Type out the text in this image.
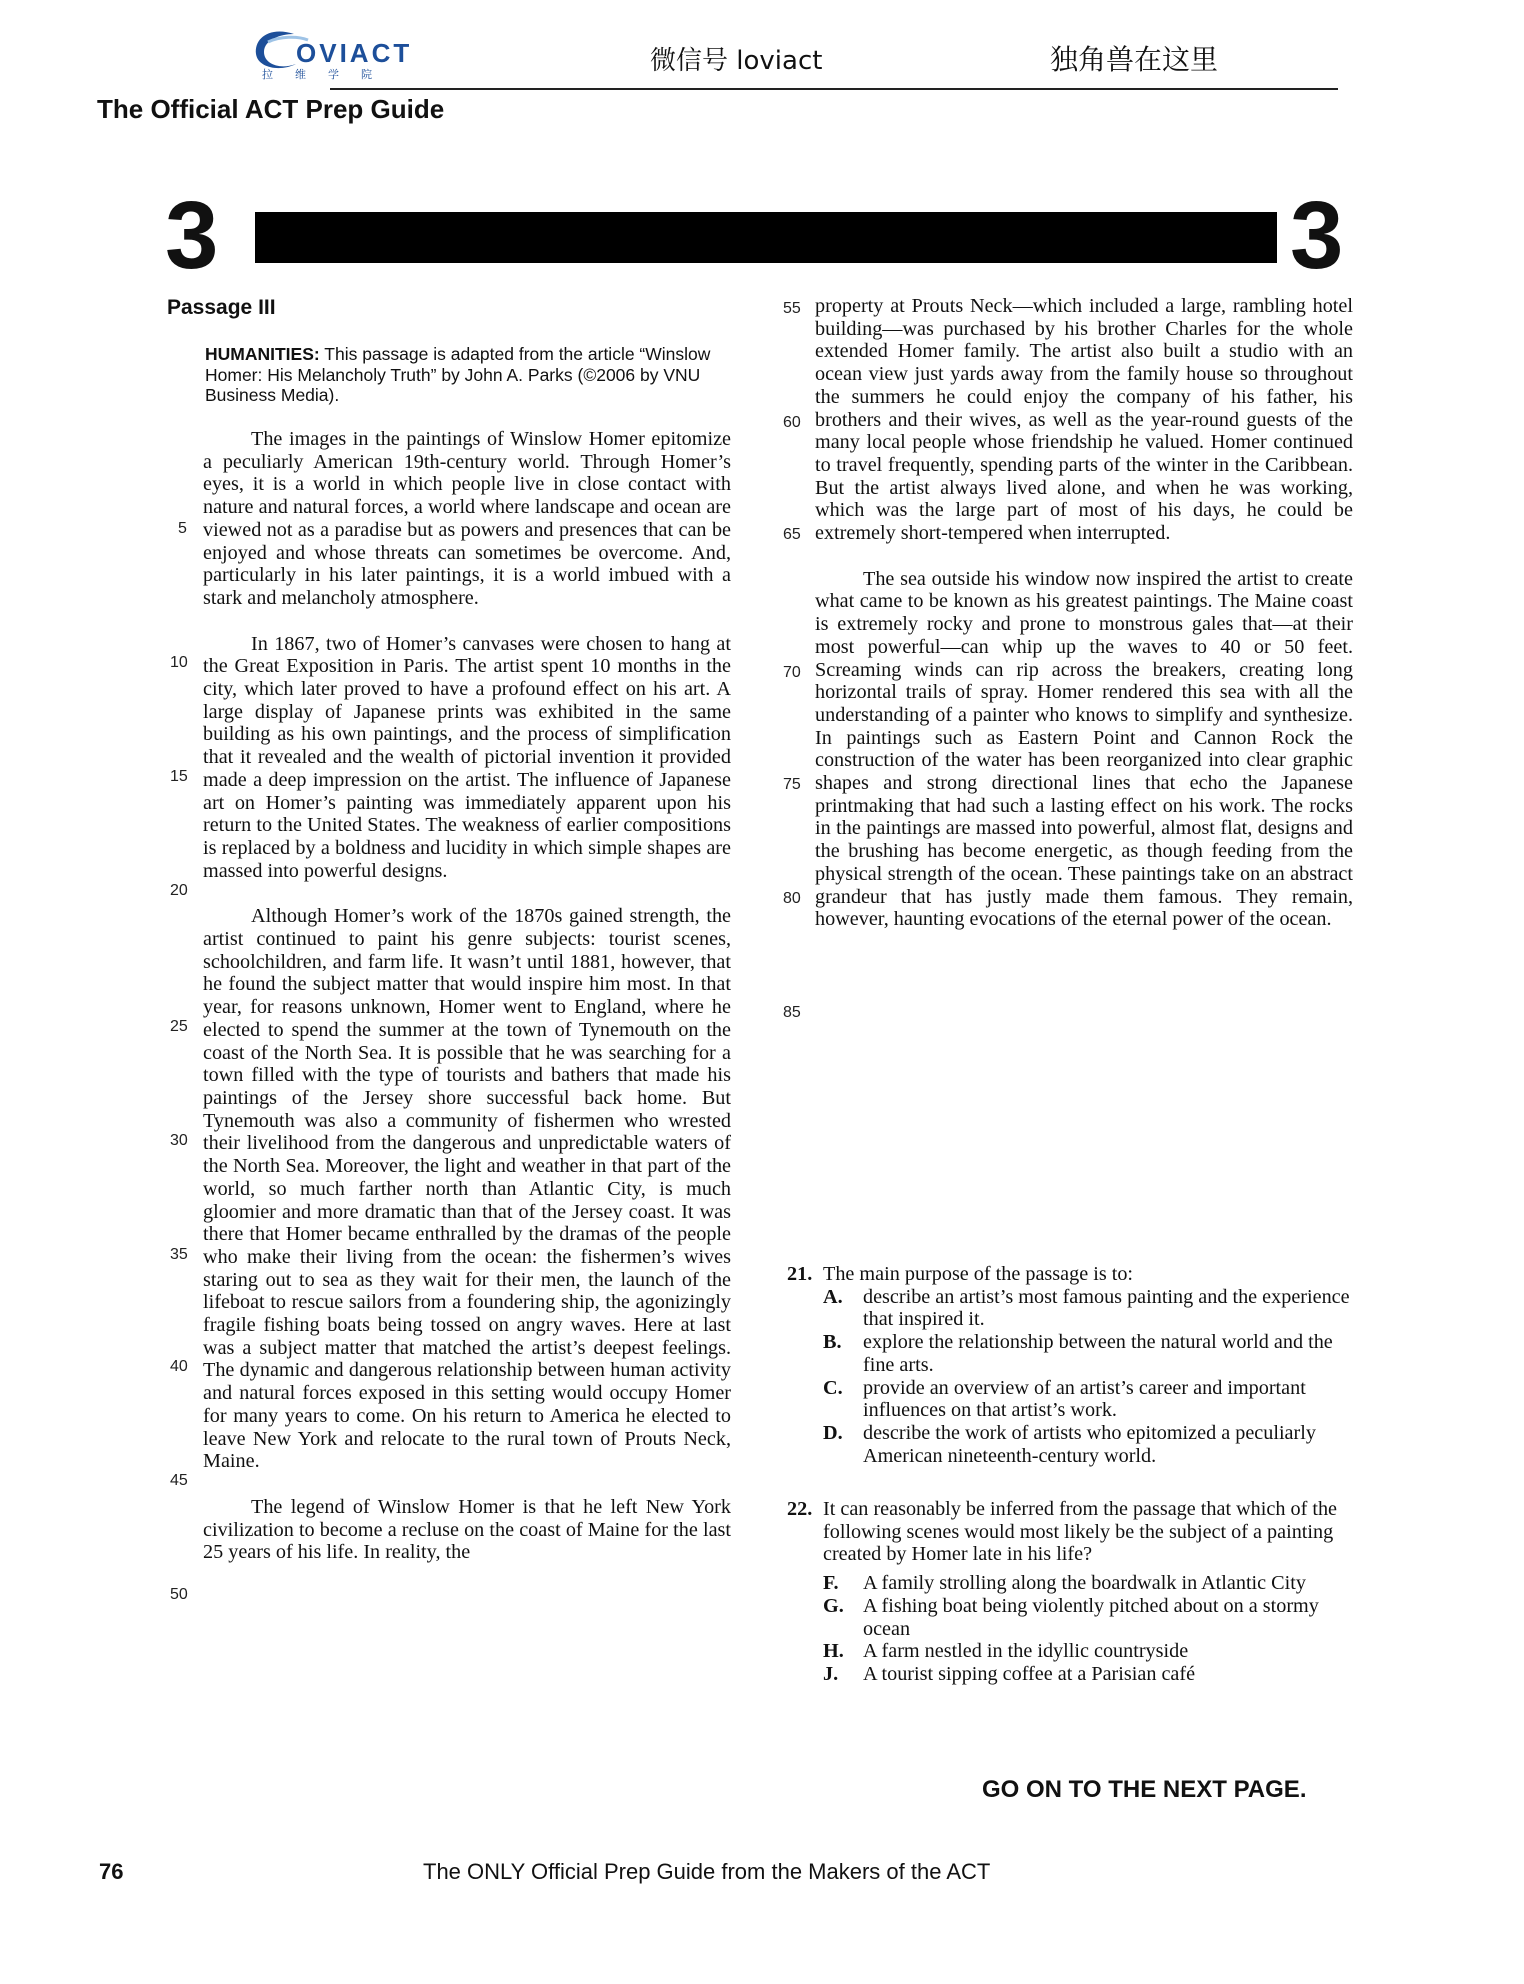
OVIACT
拉维学院	微信号 loviact	独角兽在这里
The Official ACT Prep Guide
3	3
Passage III
HUMANITIES: This passage is adapted from the article “Winslow Homer: His Melancholy Truth” by John A. Parks (©2006 by VNU Business Media).

The images in the paintings of Winslow Homer epitomize a peculiarly American 19th-century world. Through Homer’s eyes, it is a world in which people live in close contact with nature and natural forces, a world where landscape and ocean are viewed not as a paradise but as powers and presences that can be enjoyed and whose threats can sometimes be overcome. And, particularly in his later paintings, it is a world imbued with a stark and melancholy atmosphere.

In 1867, two of Homer’s canvases were chosen to hang at the Great Exposition in Paris. The artist spent 10 months in the city, which later proved to have a profound effect on his art. A large display of Japanese prints was exhibited in the same building as his own paintings, and the process of simplification that it revealed and the wealth of pictorial invention it provided made a deep impression on the artist. The influence of Japanese art on Homer’s painting was immediately apparent upon his return to the United States. The weakness of earlier compositions is replaced by a boldness and lucidity in which simple shapes are massed into powerful designs.

Although Homer’s work of the 1870s gained strength, the artist continued to paint his genre subjects: tourist scenes, schoolchildren, and farm life. It wasn’t until 1881, however, that he found the subject matter that would inspire him most. In that year, for reasons unknown, Homer went to England, where he elected to spend the summer at the town of Tynemouth on the coast of the North Sea. It is possible that he was searching for a town filled with the type of tourists and bathers that made his paintings of the Jersey shore successful back home. But Tynemouth was also a community of fishermen who wrested their livelihood from the dangerous and unpredictable waters of the North Sea. Moreover, the light and weather in that part of the world, so much farther north than Atlantic City, is much gloomier and more dramatic than that of the Jersey coast. It was there that Homer became enthralled by the dramas of the people who make their living from the ocean: the fishermen’s wives staring out to sea as they wait for their men, the launch of the lifeboat to rescue sailors from a foundering ship, the agonizingly fragile fishing boats being tossed on angry waves. Here at last was a subject matter that matched the artist’s deepest feelings. The dynamic and dangerous relationship between human activity and natural forces exposed in this setting would occupy Homer for many years to come. On his return to America he elected to leave New York and relocate to the rural town of Prouts Neck, Maine.

The legend of Winslow Homer is that he left New York civilization to become a recluse on the coast of Maine for the last 25 years of his life. In reality, the

property at Prouts Neck—which included a large, rambling hotel building—was purchased by his brother Charles for the whole extended Homer family. The artist also built a studio with an ocean view just yards away from the family house so throughout the summers he could enjoy the company of his father, his brothers and their wives, as well as the year-round guests of the many local people whose friendship he valued. Homer continued to travel frequently, spending parts of the winter in the Caribbean. But the artist always lived alone, and when he was working, which was the large part of most of his days, he could be extremely short-tempered when interrupted.

The sea outside his window now inspired the artist to create what came to be known as his greatest paintings. The Maine coast is extremely rocky and prone to monstrous gales that—at their most powerful—can whip up the waves to 40 or 50 feet. Screaming winds can rip across the breakers, creating long horizontal trails of spray. Homer rendered this sea with all the understanding of a painter who knows to simplify and synthesize. In paintings such as Eastern Point and Cannon Rock the construction of the water has been reorganized into clear graphic shapes and strong directional lines that echo the Japanese printmaking that had such a lasting effect on his work. The rocks in the paintings are massed into powerful, almost flat, designs and the brushing has become energetic, as though feeding from the physical strength of the ocean. These paintings take on an abstract grandeur that has justly made them famous. They remain, however, haunting evocations of the eternal power of the ocean.

5
10
15
20
25
30
35
40
45
50
55
60
65
70
75
80
85
21. The main purpose of the passage is to:
A.	describe an artist’s most famous painting and the experience that inspired it.
B.	explore the relationship between the natural world and the fine arts.
C.	provide an overview of an artist’s career and important influences on that artist’s work.
D.	describe the work of artists who epitomized a peculiarly American nineteenth-century world.
22. It can reasonably be inferred from the passage that which of the following scenes would most likely be the subject of a painting created by Homer late in his life?
F.	A family strolling along the boardwalk in Atlantic City
G. A fishing boat being violently pitched about on a stormy ocean
H. A farm nestled in the idyllic countryside
J.	A tourist sipping coffee at a Parisian café
GO ON TO THE NEXT PAGE.
76	The ONLY Official Prep Guide from the Makers of the ACT
